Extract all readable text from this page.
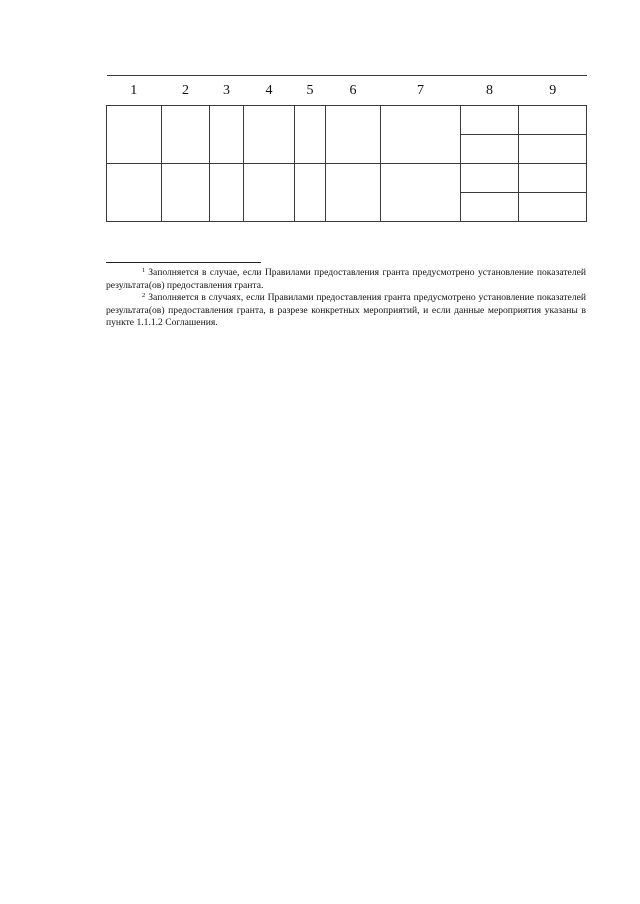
1	2	3	4	5	6	7	8	9

$^1$ Заполняется в случае, если Правилами предоставления гранта предусмотрено установление показателей результата(ов) предоставления гранта.

$^2$ Заполняется в случаях, если Правилами предоставления гранта предусмотрено установление показателей результата(ов) предоставления гранта, в разрезе конкретных мероприятий, и если данные мероприятия указаны в пункте 1.1.1.2 Соглашения.
